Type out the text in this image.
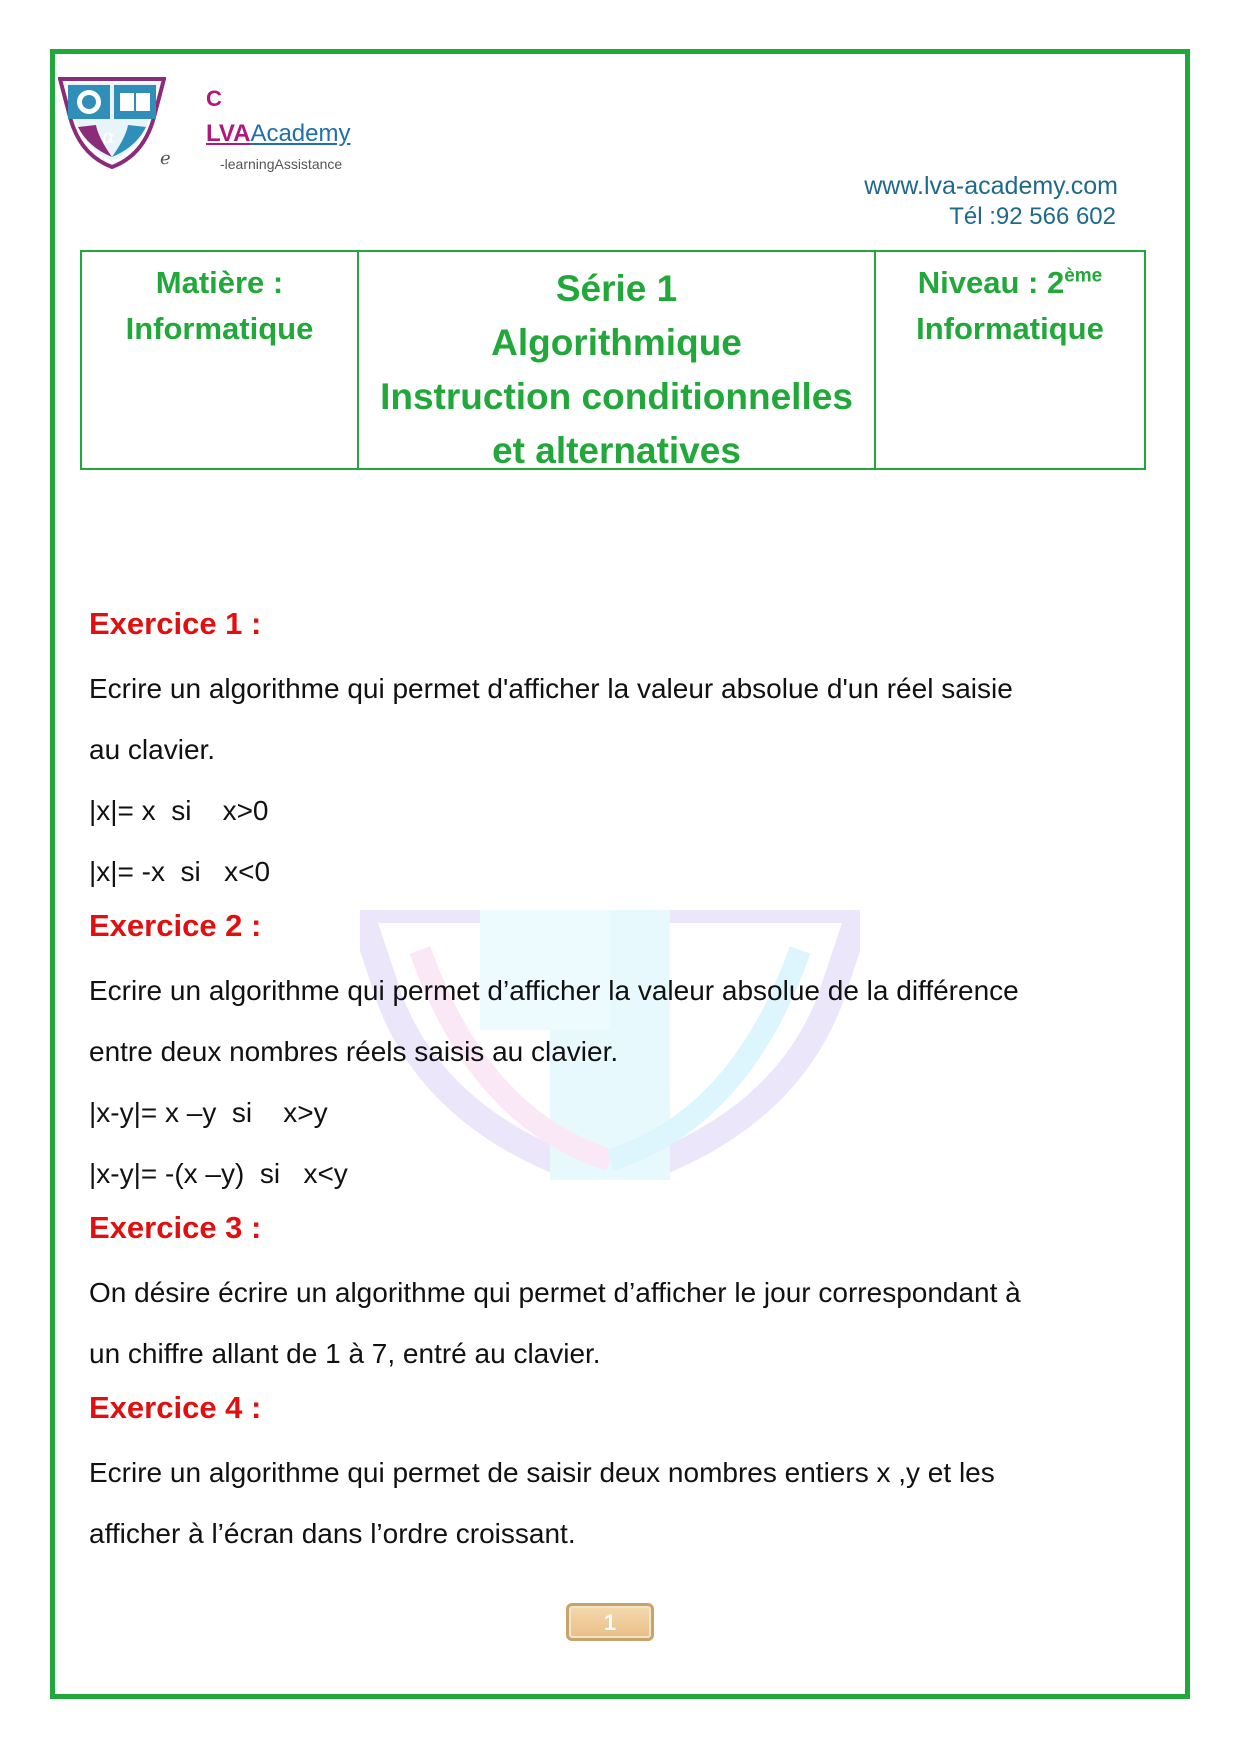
α
e
C
LVAAcademy
-learningAssistance
www.lva-academy.com
Tél :92 566 602
Matière :
Informatique
Série 1
Algorithmique
Instruction conditionnelles
et alternatives
Niveau : 2ème
Informatique
Exercice 1 :

Ecrire un algorithme qui permet d'afficher la valeur absolue d'un réel saisie

au clavier.

|x|= x  si    x>0

|x|= -x  si   x<0

Exercice 2 :

Ecrire un algorithme qui permet d’afficher la valeur absolue de la différence

entre deux nombres réels saisis au clavier.

|x-y|= x –y  si    x>y

|x-y|= -(x –y)  si   x<y

Exercice 3 :

On désire écrire un algorithme qui permet d’afficher le jour correspondant à

un chiffre allant de 1 à 7, entré au clavier.

Exercice 4 :

Ecrire un algorithme qui permet de saisir deux nombres entiers x ,y et les

afficher à l’écran dans l’ordre croissant.

1
